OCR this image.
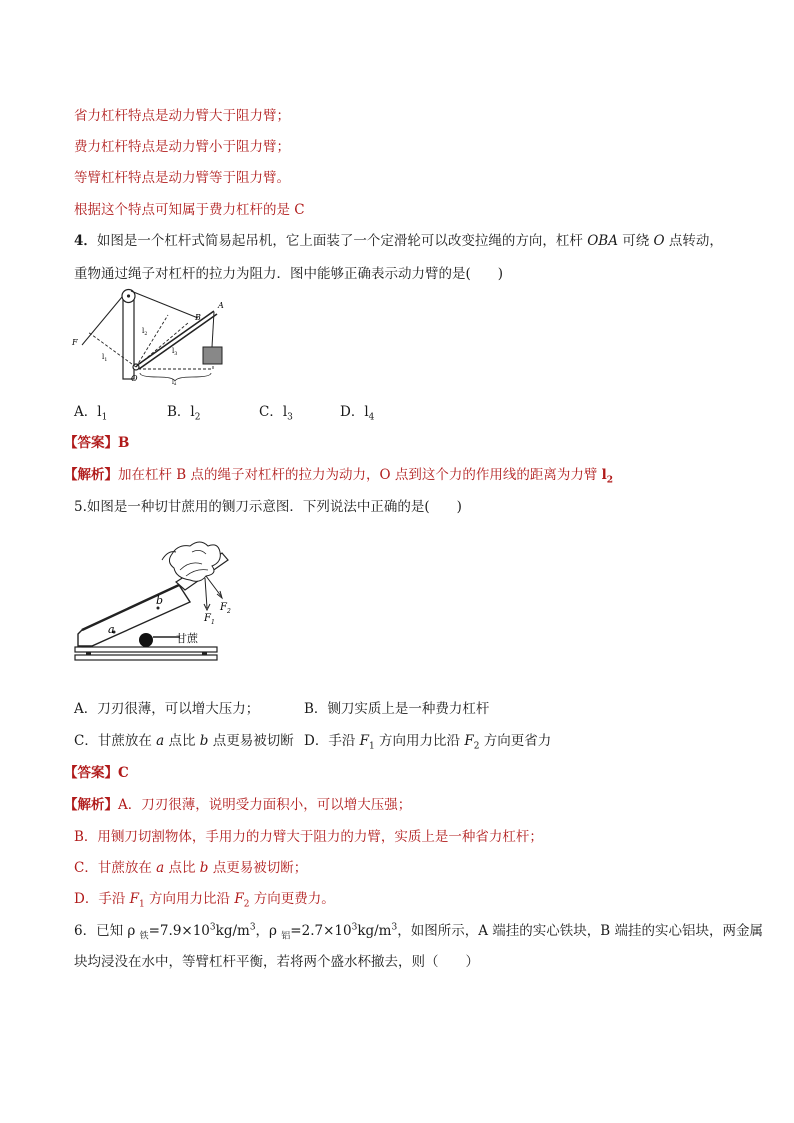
省力杠杆特点是动力臂大于阻力臂；
费力杠杆特点是动力臂小于阻力臂；
等臂杠杆特点是动力臂等于阻力臂。
根据这个特点可知属于费力杠杆的是 C
4．如图是一个杠杆式简易起吊机，它上面装了一个定滑轮可以改变拉绳的方向，杠杆 OBA 可绕 O 点转动，
重物通过绳子对杠杆的拉力为阻力．图中能够正确表示动力臂的是(　　)
A
B
O
F
$l_1$
$l_2$
$l_3$
$l_4$
A．$l_1$	B．$l_2$	C．$l_3$	D．$l_4$
【答案】B
【解析】加在杠杆 B 点的绳子对杠杆的拉力为动力，O 点到这个力的作用线的距离为力臂 $l_2$
5.如图是一种切甘蔗用的铡刀示意图．下列说法中正确的是(　　)
a
b
$F_1$
$F_2$
甘蔗
A．刀刃很薄，可以增大压力；	B．铡刀实质上是一种费力杠杆
C．甘蔗放在 a 点比 b 点更易被切断 D．手沿 $F_1$ 方向用力比沿 $F_2$ 方向更省力
【答案】C
【解析】A．刀刃很薄，说明受力面积小，可以增大压强；
B．用铡刀切割物体，手用力的力臂大于阻力的力臂，实质上是一种省力杠杆；
C．甘蔗放在 a 点比 b 点更易被切断；
D．手沿 $F_1$ 方向用力比沿 $F_2$ 方向更费力。
6．已知 ρ $_铁=7.9\times 10^3kg/m^3$，ρ $_铝=2.7\times 10^3kg/m^3$，如图所示，A 端挂的实心铁块，B 端挂的实心铝块，两金属
块均浸没在水中，等臂杠杆平衡，若将两个盛水杯撤去，则（　　）
